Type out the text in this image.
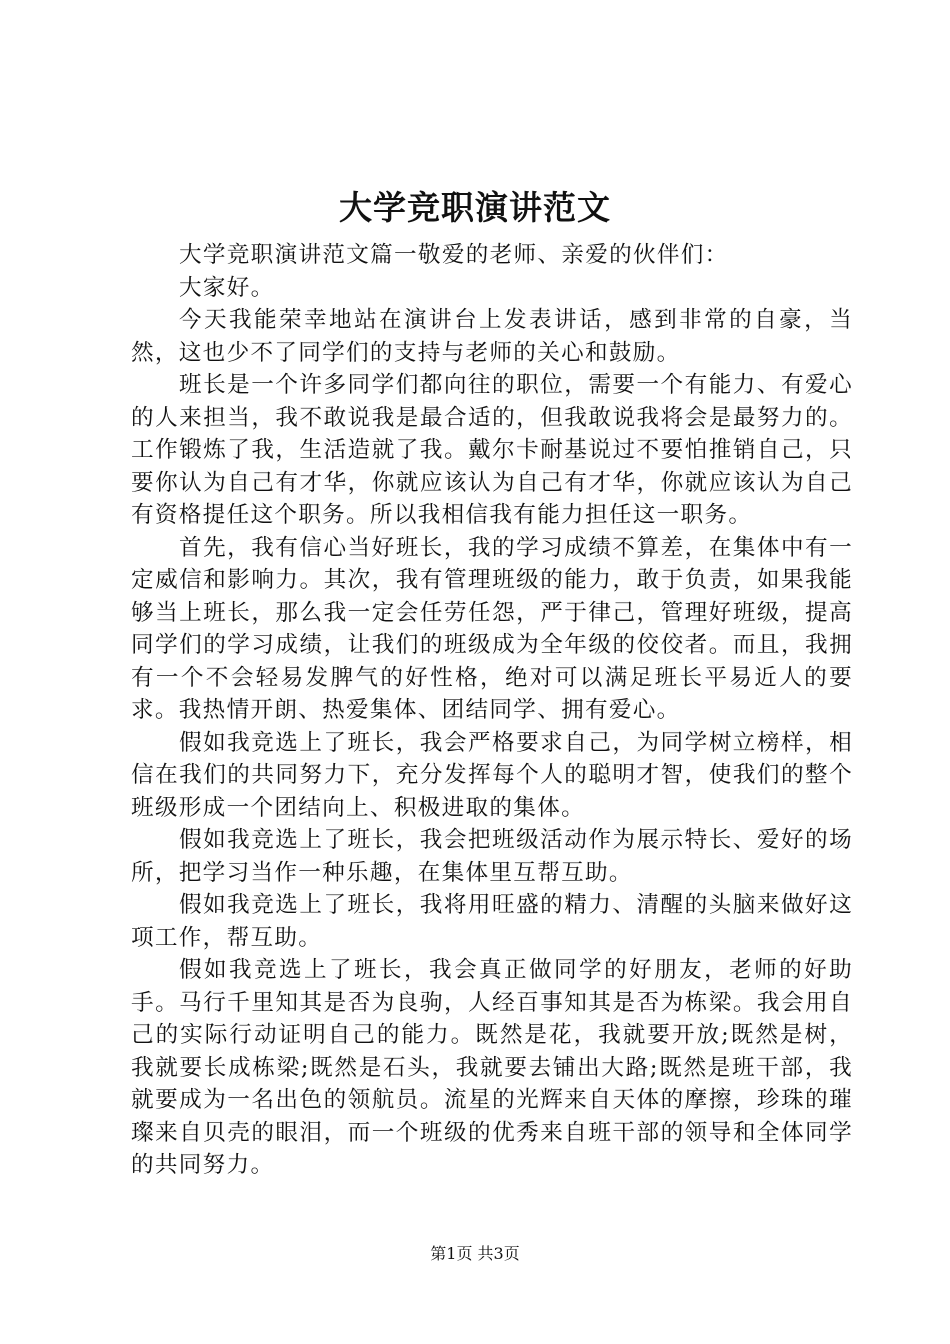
大学竞职演讲范文

大学竞职演讲范文篇一敬爱的老师、亲爱的伙伴们：

大家好。

今天我能荣幸地站在演讲台上发表讲话，感到非常的自豪，当然，这也少不了同学们的支持与老师的关心和鼓励。

班长是一个许多同学们都向往的职位，需要一个有能力、有爱心的人来担当，我不敢说我是最合适的，但我敢说我将会是最努力的。工作锻炼了我，生活造就了我。戴尔卡耐基说过不要怕推销自己，只要你认为自己有才华，你就应该认为自己有才华，你就应该认为自己有资格提任这个职务。所以我相信我有能力担任这一职务。

首先，我有信心当好班长，我的学习成绩不算差，在集体中有一定威信和影响力。其次，我有管理班级的能力，敢于负责，如果我能够当上班长，那么我一定会任劳任怨，严于律己，管理好班级，提高同学们的学习成绩，让我们的班级成为全年级的佼佼者。而且，我拥有一个不会轻易发脾气的好性格，绝对可以满足班长平易近人的要求。我热情开朗、热爱集体、团结同学、拥有爱心。

假如我竞选上了班长，我会严格要求自己，为同学树立榜样，相信在我们的共同努力下，充分发挥每个人的聪明才智，使我们的整个班级形成一个团结向上、积极进取的集体。

假如我竞选上了班长，我会把班级活动作为展示特长、爱好的场所，把学习当作一种乐趣，在集体里互帮互助。

假如我竞选上了班长，我将用旺盛的精力、清醒的头脑来做好这项工作，帮互助。

假如我竞选上了班长，我会真正做同学的好朋友，老师的好助手。马行千里知其是否为良驹，人经百事知其是否为栋梁。我会用自己的实际行动证明自己的能力。既然是花，我就要开放;既然是树，我就要长成栋梁;既然是石头，我就要去铺出大路;既然是班干部，我就要成为一名出色的领航员。流星的光辉来自天体的摩擦，珍珠的璀璨来自贝壳的眼泪，而一个班级的优秀来自班干部的领导和全体同学的共同努力。

第1页 共3页
